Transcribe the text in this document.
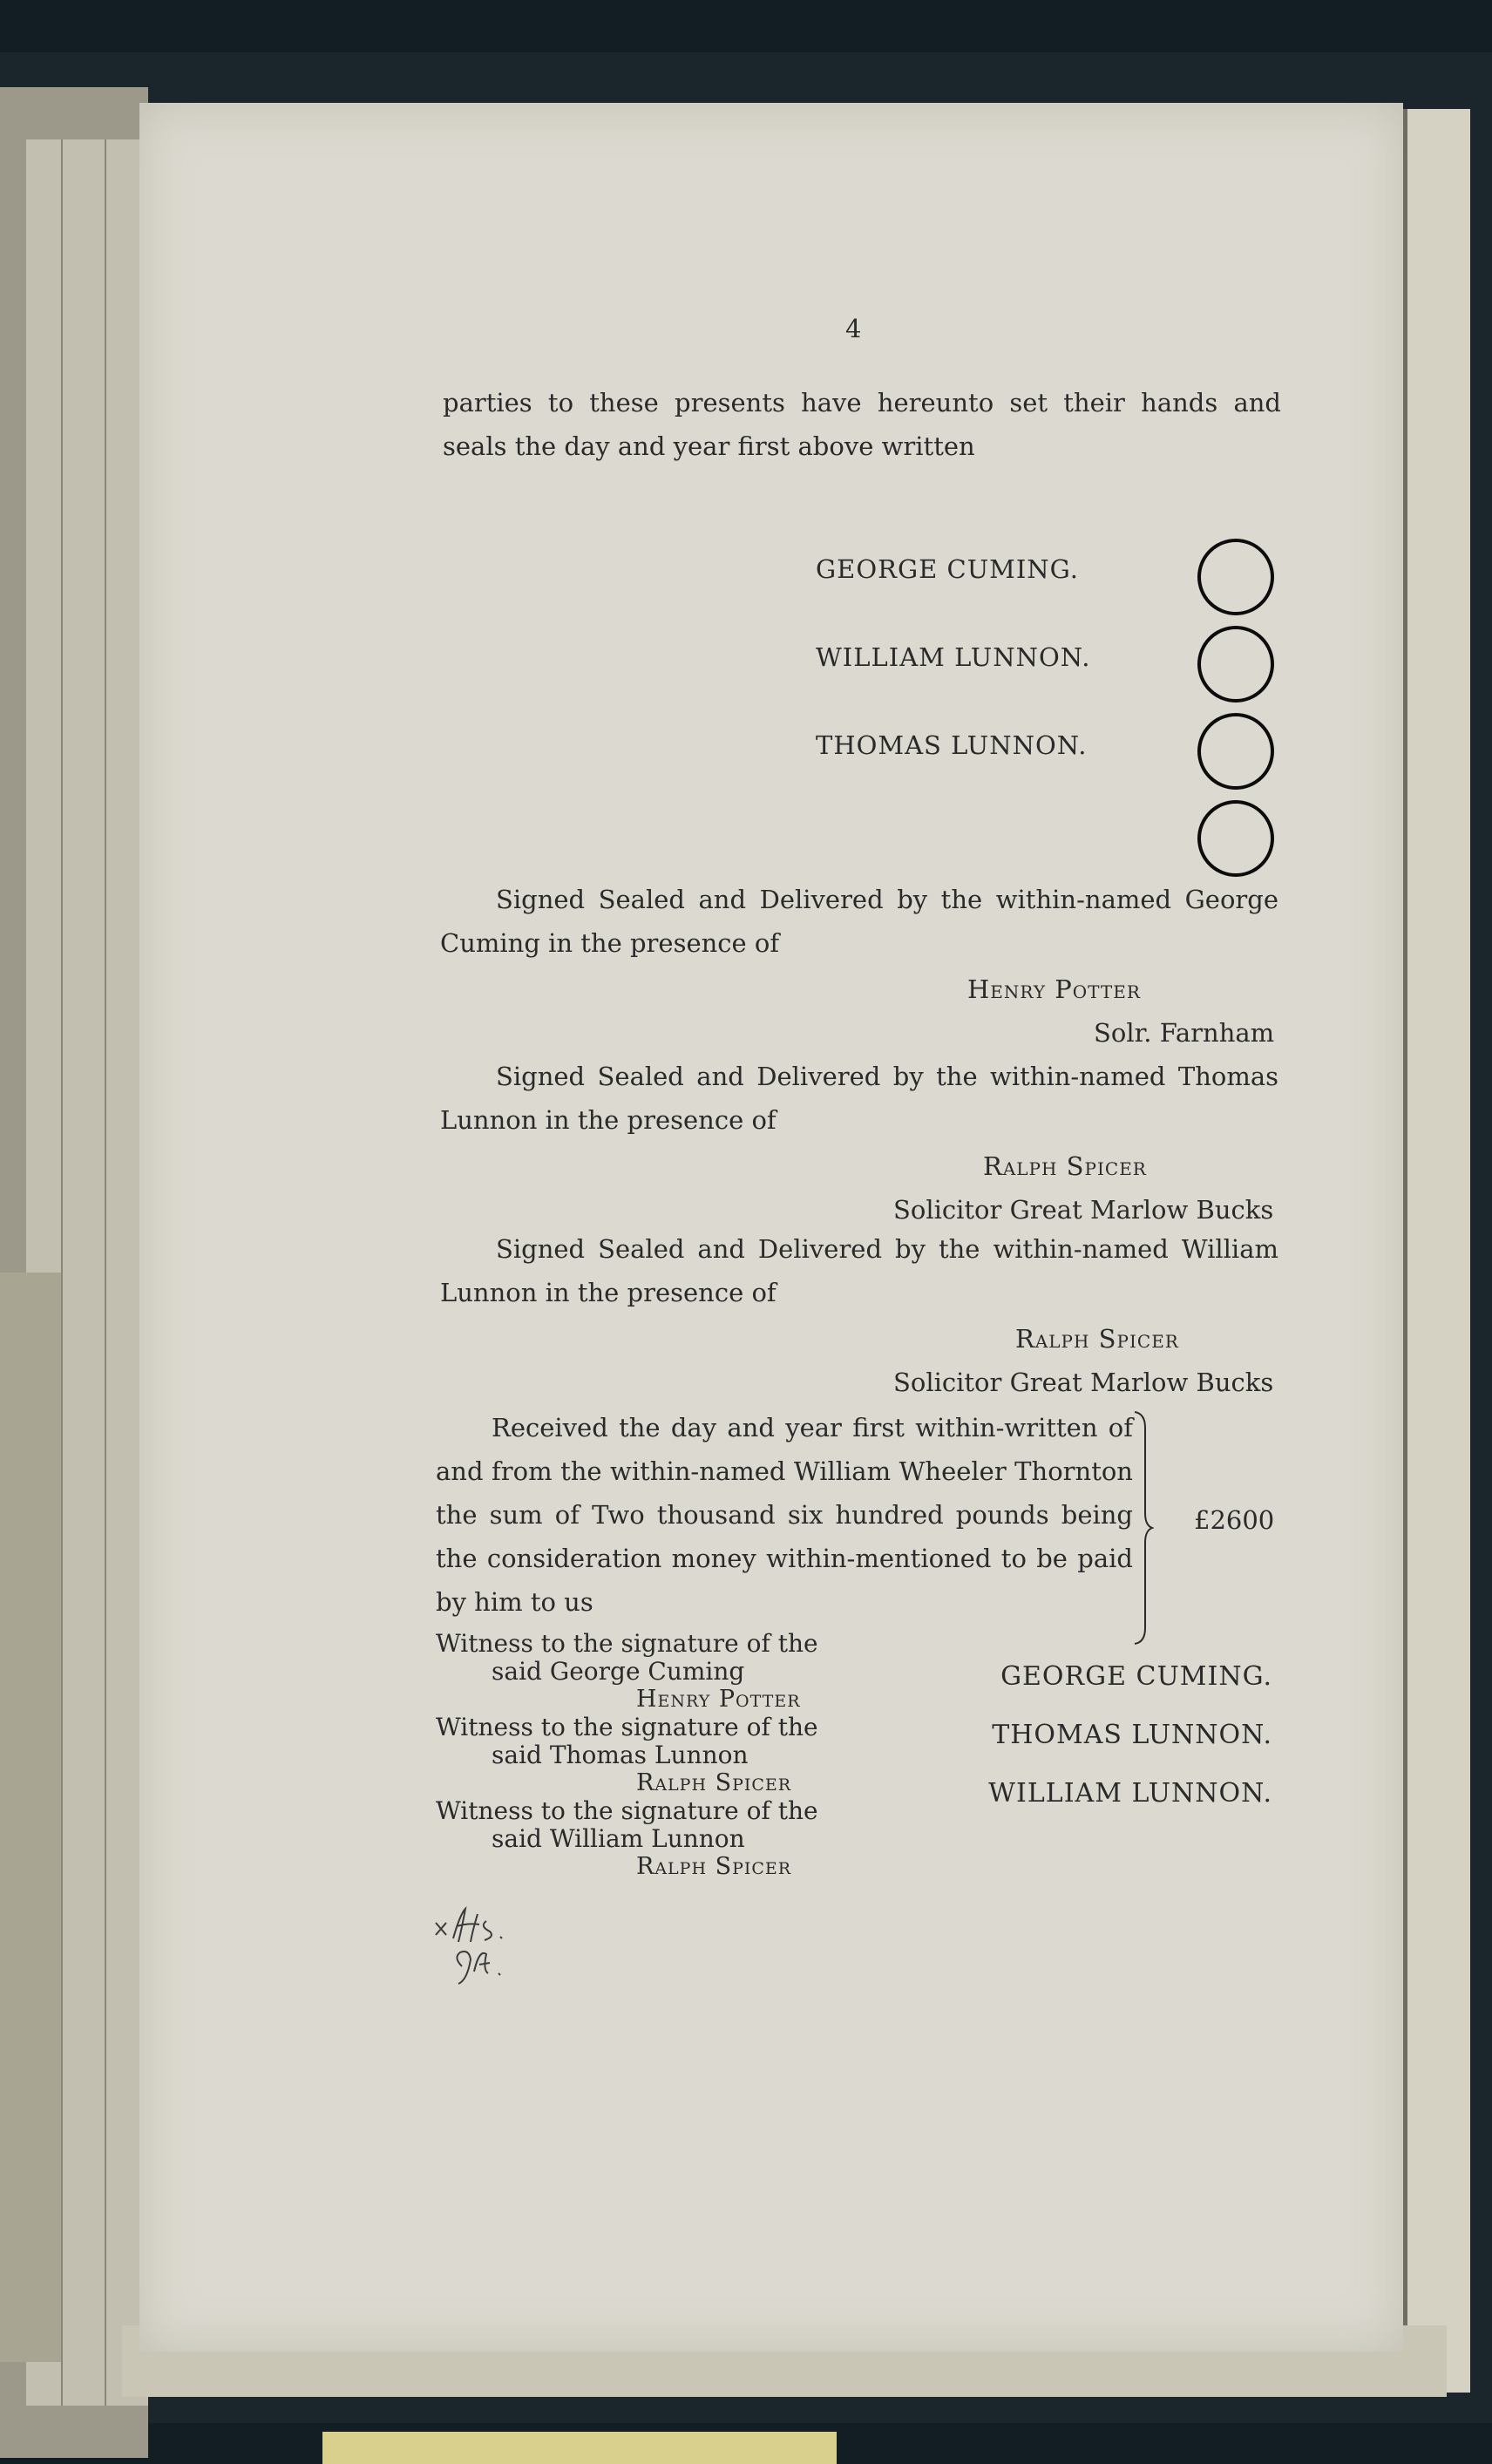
4
parties to these presents have hereunto set their hands and
seals the day and year first above written
GEORGE CUMING.
WILLIAM LUNNON.
THOMAS LUNNON.
Signed Sealed and Delivered by the within-named George
Cuming in the presence of
Henry Potter
Solr. Farnham
Signed Sealed and Delivered by the within-named Thomas
Lunnon in the presence of
Ralph Spicer
Solicitor Great Marlow Bucks
Signed Sealed and Delivered by the within-named William
Lunnon in the presence of
Ralph Spicer
Solicitor Great Marlow Bucks
Received the day and year first within-written of
and from the within-named William Wheeler Thornton
the sum of Two thousand six hundred pounds being
the consideration money within-mentioned to be paid
by him to us
£2600
Witness to the signature of the
said George Cuming
Henry Potter
Witness to the signature of the
said Thomas Lunnon
Ralph Spicer
Witness to the signature of the
said William Lunnon
Ralph Spicer
GEORGE CUMING.
THOMAS LUNNON.
WILLIAM LUNNON.
